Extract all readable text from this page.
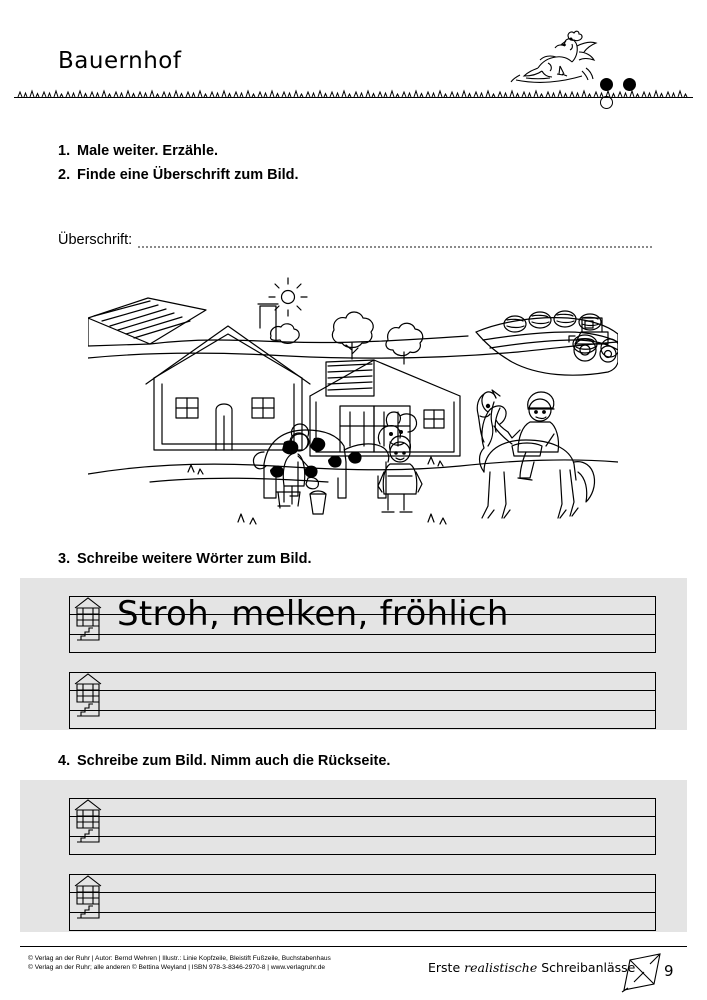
Bauernhof

1. Male weiter. Erzähle.
2. Finde eine Überschrift zum Bild.
Überschrift:
3. Schreibe weitere Wörter zum Bild.
Stroh, melken, fröhlich
4. Schreibe zum Bild. Nimm auch die Rückseite.
© Verlag an der Ruhr | Autor: Bernd Wehren | Illustr.: Linie Kopfzeile, Bleistift Fußzeile, Buchstabenhaus
© Verlag an der Ruhr; alle anderen © Bettina Weyland | ISBN 978-3-8346-2970-8 | www.verlagruhr.de	Erste realistische Schreibanlässe 9
